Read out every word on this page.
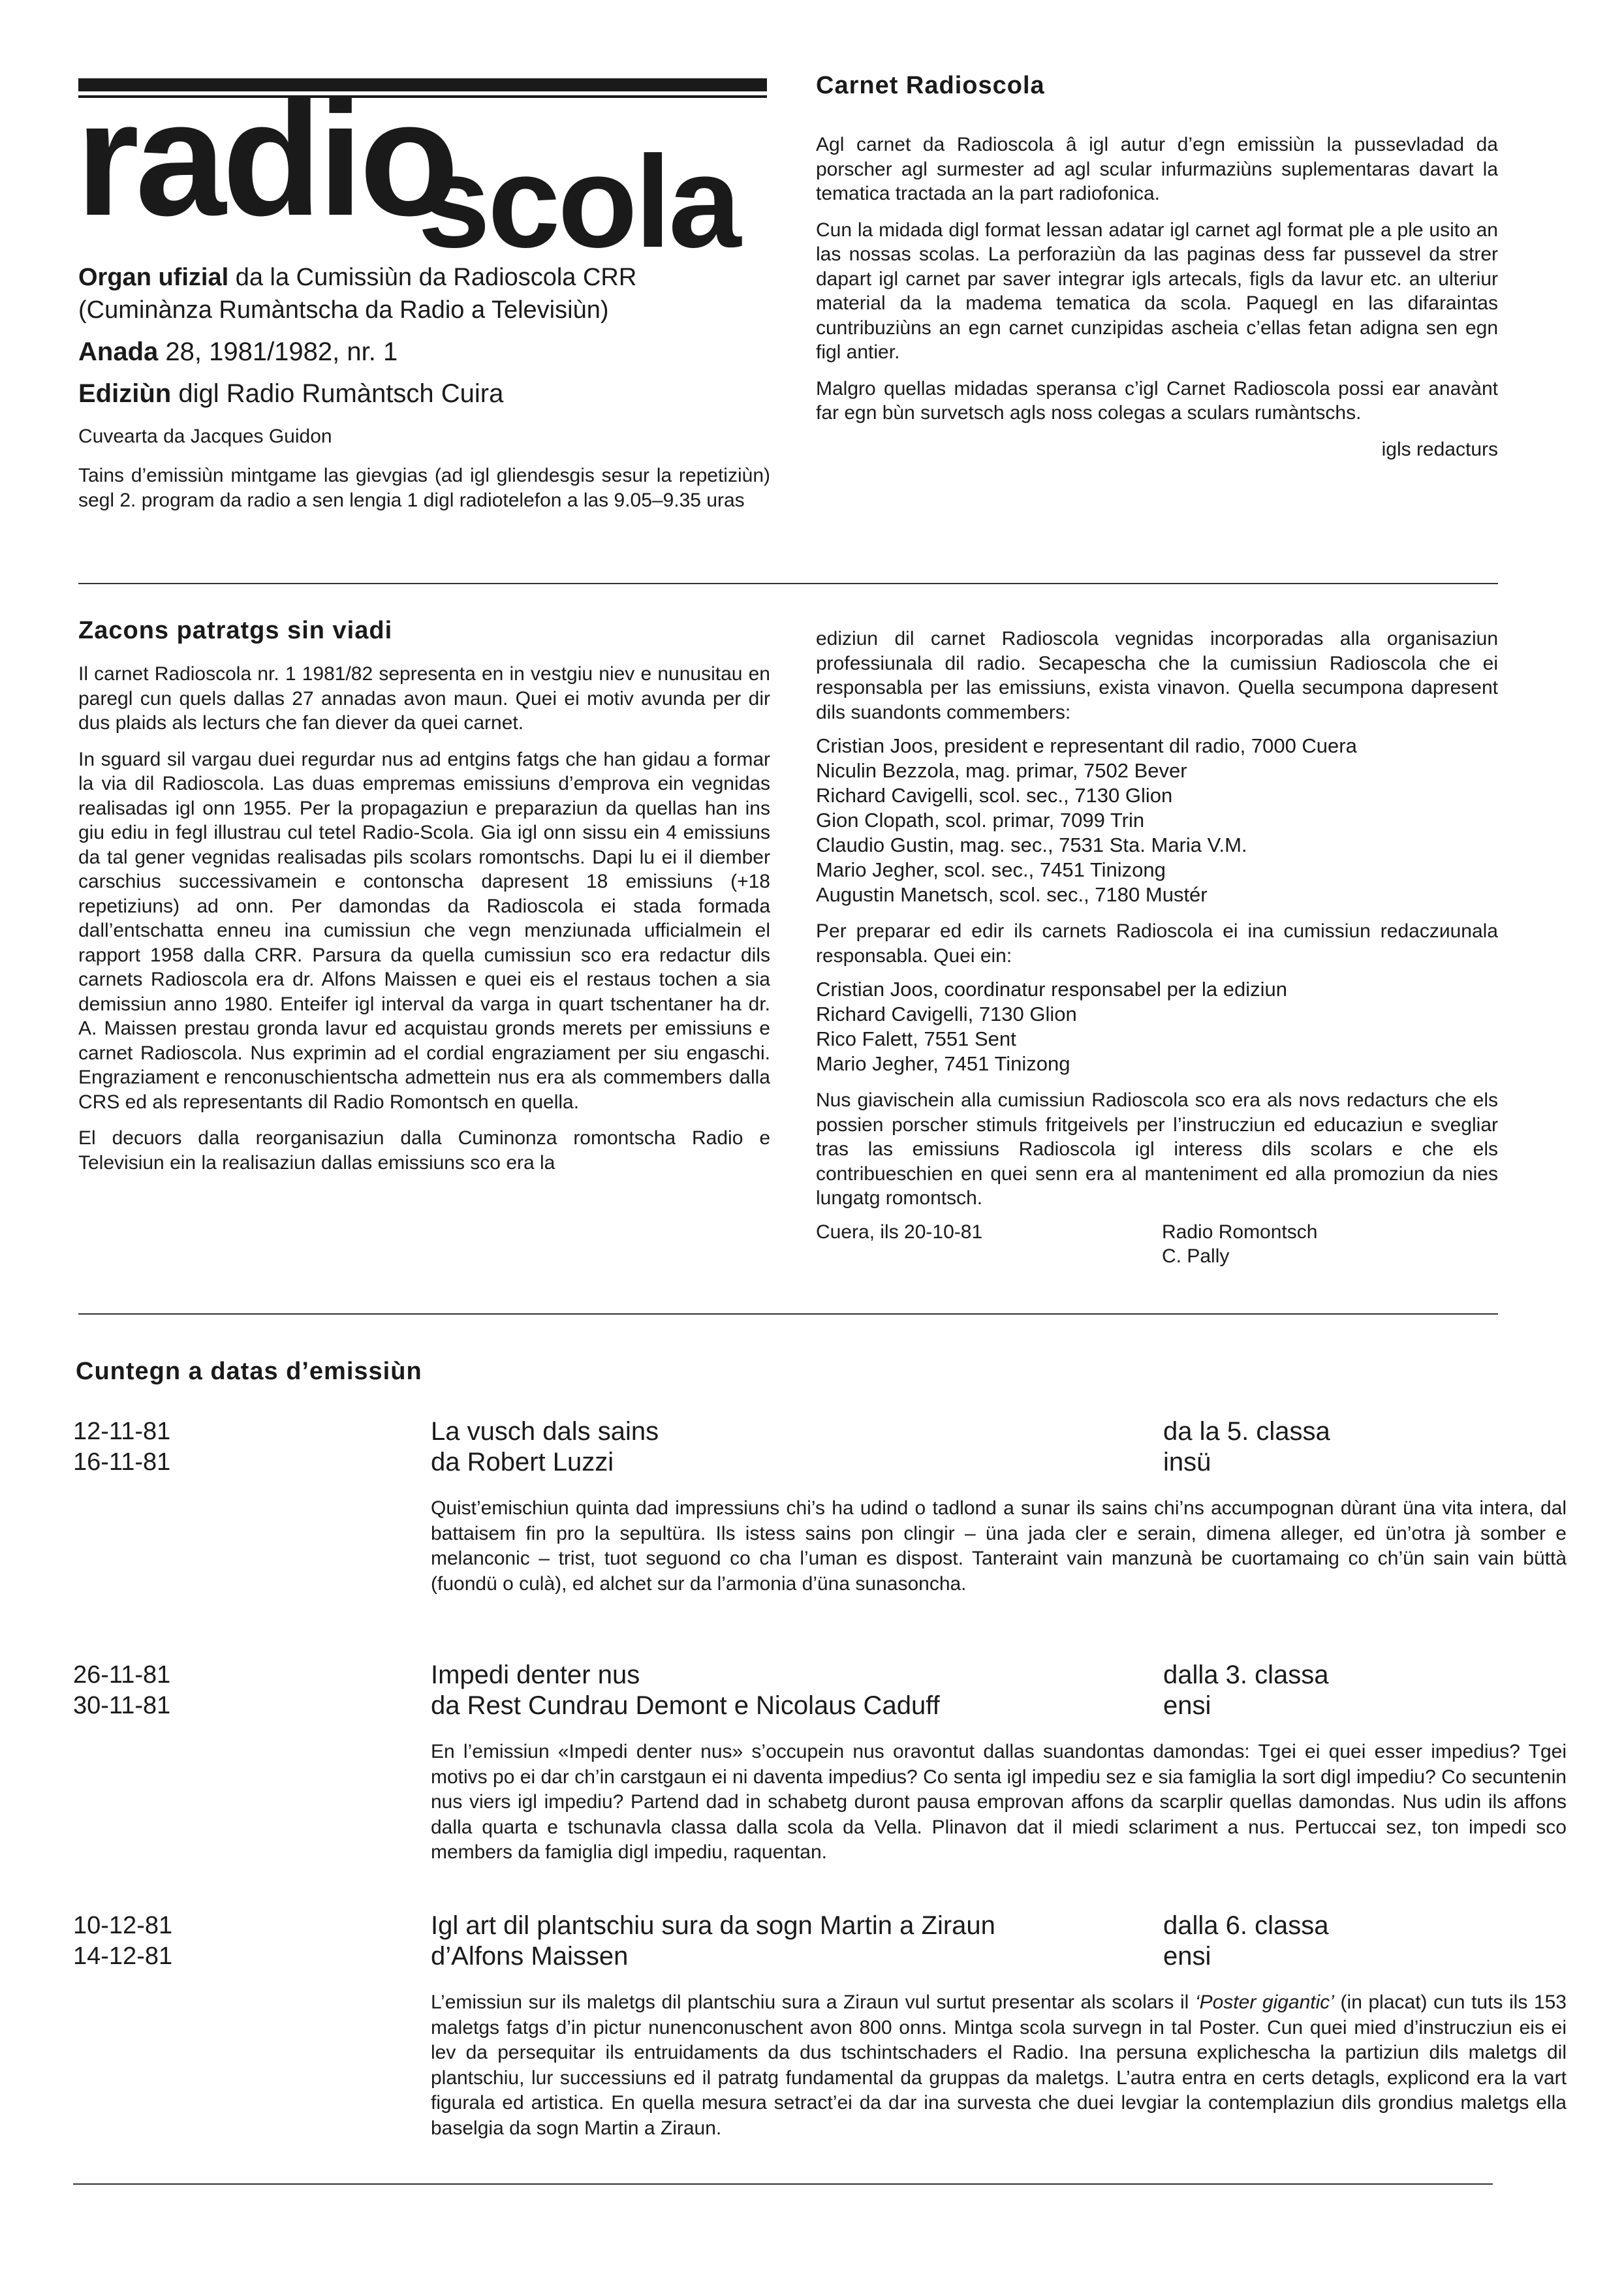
radio
scola
Organ ufizial da la Cumissiùn da Radioscola CRR
(Cuminànza Rumàntscha da Radio a Televisiùn)
Anada 28, 1981/1982, nr. 1
Ediziùn digl Radio Rumàntsch Cuira
Cuvearta da Jacques Guidon
Tains d’emissiùn mintgame las gievgias (ad igl gliendesgis sesur la repetiziùn) segl 2. program da radio a sen lengia 1 digl radiotelefon a las 9.05–9.35 uras
Carnet Radioscola

Agl carnet da Radioscola â igl autur d’egn emissiùn la pussevladad da porscher agl surmester ad agl scular infurmaziùns suplementaras davart la tematica tractada an la part radiofonica.

Cun la midada digl format lessan adatar igl carnet agl format ple a ple usito an las nossas scolas. La perforaziùn da las paginas dess far pussevel da strer dapart igl carnet par saver integrar igls artecals, figls da lavur etc. an ulteriur material da la madema tematica da scola. Paquegl en las difaraintas cuntribuziùns an egn carnet cunzipidas ascheia c’ellas fetan adigna sen egn figl antier.

Malgro quellas midadas speransa c’igl Carnet Radioscola possi ear anavànt far egn bùn survetsch agls noss colegas a sculars rumàntschs.

igls redacturs

Zacons patratgs sin viadi

Il carnet Radioscola nr. 1 1981/82 sepresenta en in vestgiu niev e nunusitau en paregl cun quels dallas 27 annadas avon maun. Quei ei motiv avunda per dir dus plaids als lecturs che fan diever da quei carnet.

In sguard sil vargau duei regurdar nus ad entgins fatgs che han gidau a formar la via dil Radioscola. Las duas empremas emissiuns d’emprova ein vegnidas realisadas igl onn 1955. Per la propagaziun e preparaziun da quellas han ins giu ediu in fegl illustrau cul tetel Radio-Scola. Gia igl onn sissu ein 4 emissiuns da tal gener vegnidas realisadas pils scolars romontschs. Dapi lu ei il diember carschius successivamein e contonscha dapresent 18 emissiuns (+18 repetiziuns) ad onn. Per damondas da Radioscola ei stada formada dall’entschatta enneu ina cumissiun che vegn menziunada ufficialmein el rapport 1958 dalla CRR. Parsura da quella cumissiun sco era redactur dils carnets Radioscola era dr. Alfons Maissen e quei eis el restaus tochen a sia demissiun anno 1980. Enteifer igl interval da varga in quart tschentaner ha dr. A. Maissen prestau gronda lavur ed acquistau gronds merets per emissiuns e carnet Radioscola. Nus exprimin ad el cordial engraziament per siu engaschi. Engraziament e renconuschientscha admettein nus era als commembers dalla CRS ed als representants dil Radio Romontsch en quella.

El decuors dalla reorganisaziun dalla Cuminonza romontscha Radio e Televisiun ein la realisaziun dallas emissiuns sco era la

ediziun dil carnet Radioscola vegnidas incorporadas alla organisaziun professiunala dil radio. Secapescha che la cumissiun Radioscola che ei responsabla per las emissiuns, exista vinavon. Quella secumpona dapresent dils suandonts commembers:

Cristian Joos, president e representant dil radio, 7000 Cuera
Niculin Bezzola, mag. primar, 7502 Bever
Richard Cavigelli, scol. sec., 7130 Glion
Gion Clopath, scol. primar, 7099 Trin
Claudio Gustin, mag. sec., 7531 Sta. Maria V.M.
Mario Jegher, scol. sec., 7451 Tinizong
Augustin Manetsch, scol. sec., 7180 Mustér

Per preparar ed edir ils carnets Radioscola ei ina cumissiun redaczиunala responsabla. Quei ein:

Cristian Joos, coordinatur responsabel per la ediziun
Richard Cavigelli, 7130 Glion
Rico Falett, 7551 Sent
Mario Jegher, 7451 Tinizong

Nus giavischein alla cumissiun Radioscola sco era als novs redacturs che els possien porscher stimuls fritgeivels per l’instrucziun ed educaziun e svegliar tras las emissiuns Radioscola igl interess dils scolars e che els contribueschien en quei senn era al manteniment ed alla promoziun da nies lungatg romontsch.

Cuera, ils 20-10-81	Radio Romontsch
C. Pally
Cuntegn a datas d’emissiùn
12-11-81
16-11-81
La vusch dals sains
da Robert Luzzi
da la 5. classa
insü

Quist’emischiun quinta dad impressiuns chi’s ha udind o tadlond a sunar ils sains chi’ns accumpognan dùrant üna vita intera, dal battaisem fin pro la sepultüra. Ils istess sains pon clingir – üna jada cler e serain, dimena alleger, ed ün’otra jà somber e melanconic – trist, tuot seguond co cha l’uman es dispost. Tanteraint vain manzunà be cuortamaing co ch’ün sain vain büttà (fuondü o culà), ed alchet sur da l’armonia d’üna sunasoncha.

26-11-81
30-11-81
Impedi denter nus
da Rest Cundrau Demont e Nicolaus Caduff
dalla 3. classa
ensi

En l’emissiun «Impedi denter nus» s’occupein nus oravontut dallas suandontas damondas: Tgei ei quei esser impedius? Tgei motivs po ei dar ch’in carstgaun ei ni daventa impedius? Co senta igl impediu sez e sia famiglia la sort digl impediu? Co secuntenin nus viers igl impediu? Partend dad in schabetg duront pausa emprovan affons da scarplir quellas damondas. Nus udin ils affons dalla quarta e tschunavla classa dalla scola da Vella. Plinavon dat il miedi sclariment a nus. Pertuccai sez, ton impedi sco members da famiglia digl impediu, raquentan.

10-12-81
14-12-81
Igl art dil plantschiu sura da sogn Martin a Ziraun
d’Alfons Maissen
dalla 6. classa
ensi

L’emissiun sur ils maletgs dil plantschiu sura a Ziraun vul surtut presentar als scolars il ‘Poster gigantic’ (in placat) cun tuts ils 153 maletgs fatgs d’in pictur nunenconuschent avon 800 onns. Mintga scola survegn in tal Poster. Cun quei mied d’instrucziun eis ei lev da persequitar ils entruidaments da dus tschintschaders el Radio. Ina persuna explichescha la partiziun dils maletgs dil plantschiu, lur successiuns ed il patratg fundamental da gruppas da maletgs. L’autra entra en certs detagls, explicond era la vart figurala ed artistica. En quella mesura setract’ei da dar ina survesta che duei levgiar la contemplaziun dils grondius maletgs ella baselgia da sogn Martin a Ziraun.
